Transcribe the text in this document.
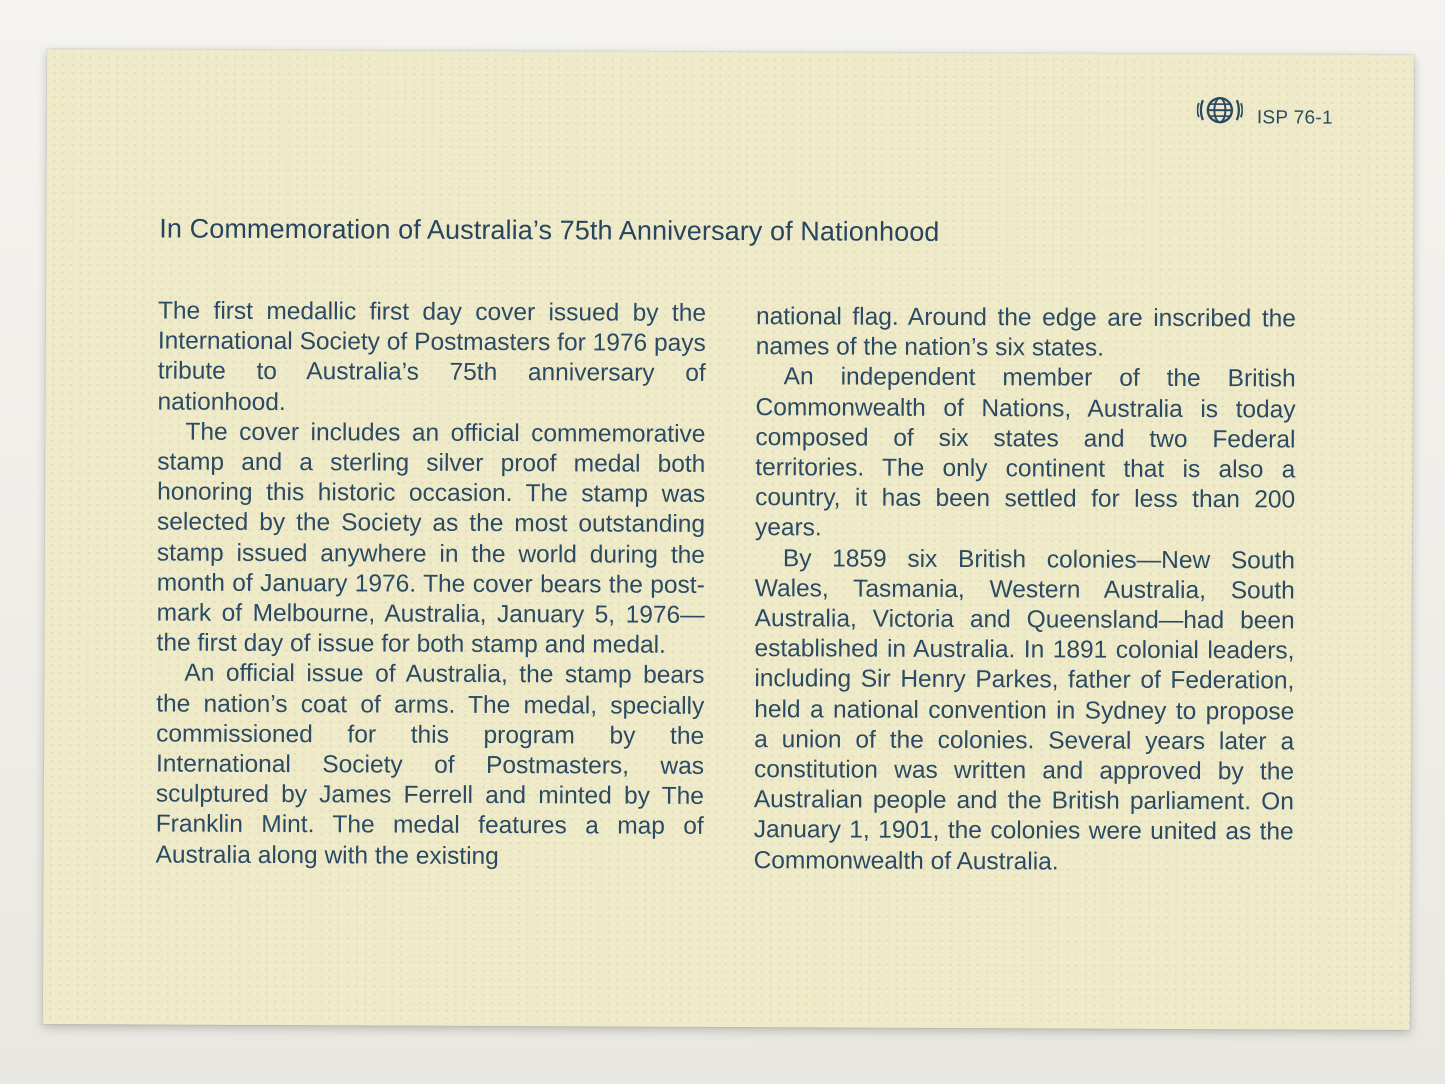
ISP 76-1
In Commemoration of Australia’s 75th Anniversary of Nationhood

The first medallic first day cover issued by the International Society of Postmasters for 1976 pays tribute to Australia’s 75th anniversary of nationhood.

The cover includes an official commemorative stamp and a sterling silver proof medal both honoring this historic occasion. The stamp was selected by the Society as the most outstanding stamp issued anywhere in the world during the month of January 1976. The cover bears the postmark of Melbourne, Australia, January 5, 1976—the first day of issue for both stamp and medal.

An official issue of Australia, the stamp bears the nation’s coat of arms. The medal, specially commissioned for this program by the International Society of Postmasters, was sculptured by James Ferrell and minted by The Franklin Mint. The medal features a map of Australia along with the existing

national flag. Around the edge are inscribed the names of the nation’s six states.

An independent member of the British Commonwealth of Nations, Australia is today composed of six states and two Federal territories. The only continent that is also a country, it has been settled for less than 200 years.

By 1859 six British colonies—New South Wales, Tasmania, Western Australia, South Australia, Victoria and Queensland—had been established in Australia. In 1891 colonial leaders, including Sir Henry Parkes, father of Federation, held a national convention in Sydney to propose a union of the colonies. Several years later a constitution was written and approved by the Australian people and the British parliament. On January 1, 1901, the colonies were united as the Commonwealth of Australia.
